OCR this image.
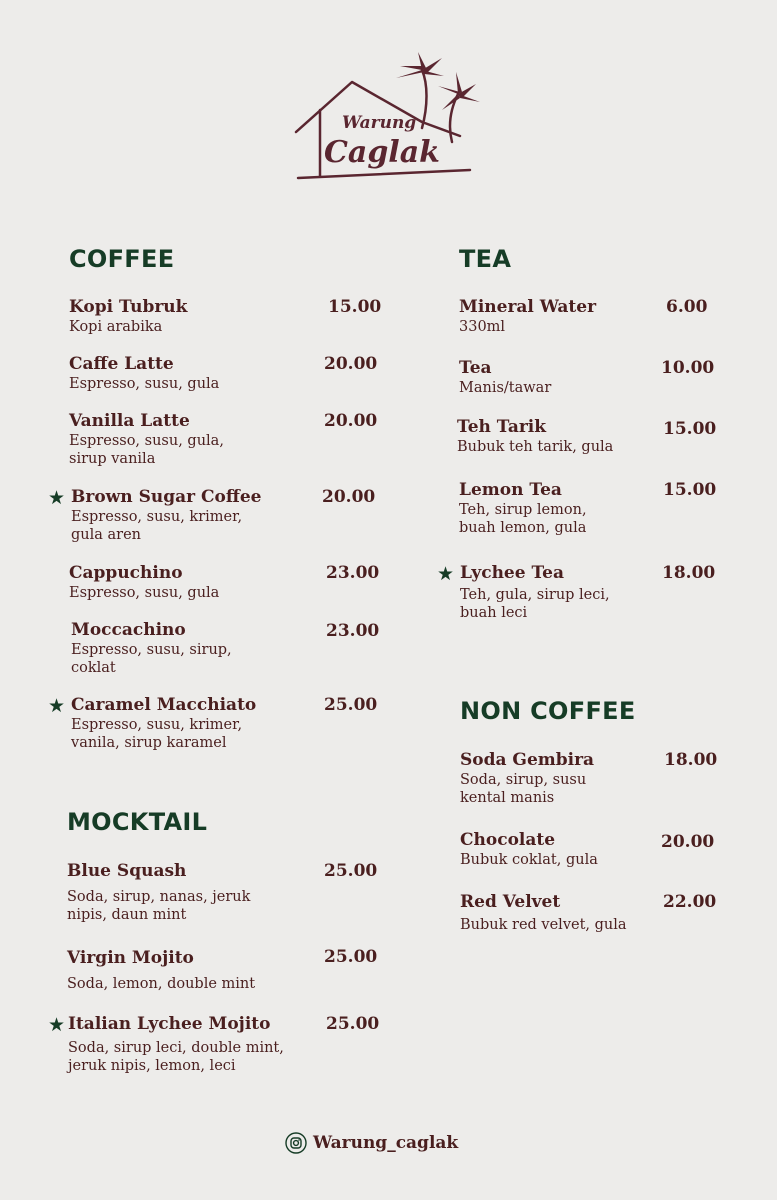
Warung
Caglak
COFFEE
Kopi Tubruk
Kopi arabika
15.00
Caffe Latte
Espresso, susu, gula
20.00
Vanilla Latte
Espresso, susu, gula,
sirup vanila
20.00
★ Brown Sugar Coffee
Espresso, susu, krimer,
gula aren
20.00
Cappuchino
Espresso, susu, gula
23.00
Moccachino
Espresso, susu, sirup,
coklat
23.00
★ Caramel Macchiato
Espresso, susu, krimer,
vanila, sirup karamel
25.00
MOCKTAIL
Blue Squash
Soda, sirup, nanas, jeruk
nipis, daun mint
25.00
Virgin Mojito
Soda, lemon, double mint
25.00
★ Italian Lychee Mojito
Soda, sirup leci, double mint,
jeruk nipis, lemon, leci
25.00
TEA
Mineral Water
330ml
6.00
Tea
Manis/tawar
10.00
Teh Tarik
Bubuk teh tarik, gula
15.00
Lemon Tea
Teh, sirup lemon,
buah lemon, gula
15.00
★ Lychee Tea
Teh, gula, sirup leci,
buah leci
18.00
NON COFFEE
Soda Gembira
Soda, sirup, susu
kental manis
18.00
Chocolate
Bubuk coklat, gula
20.00
Red Velvet
Bubuk red velvet, gula
22.00
Warung_caglak
